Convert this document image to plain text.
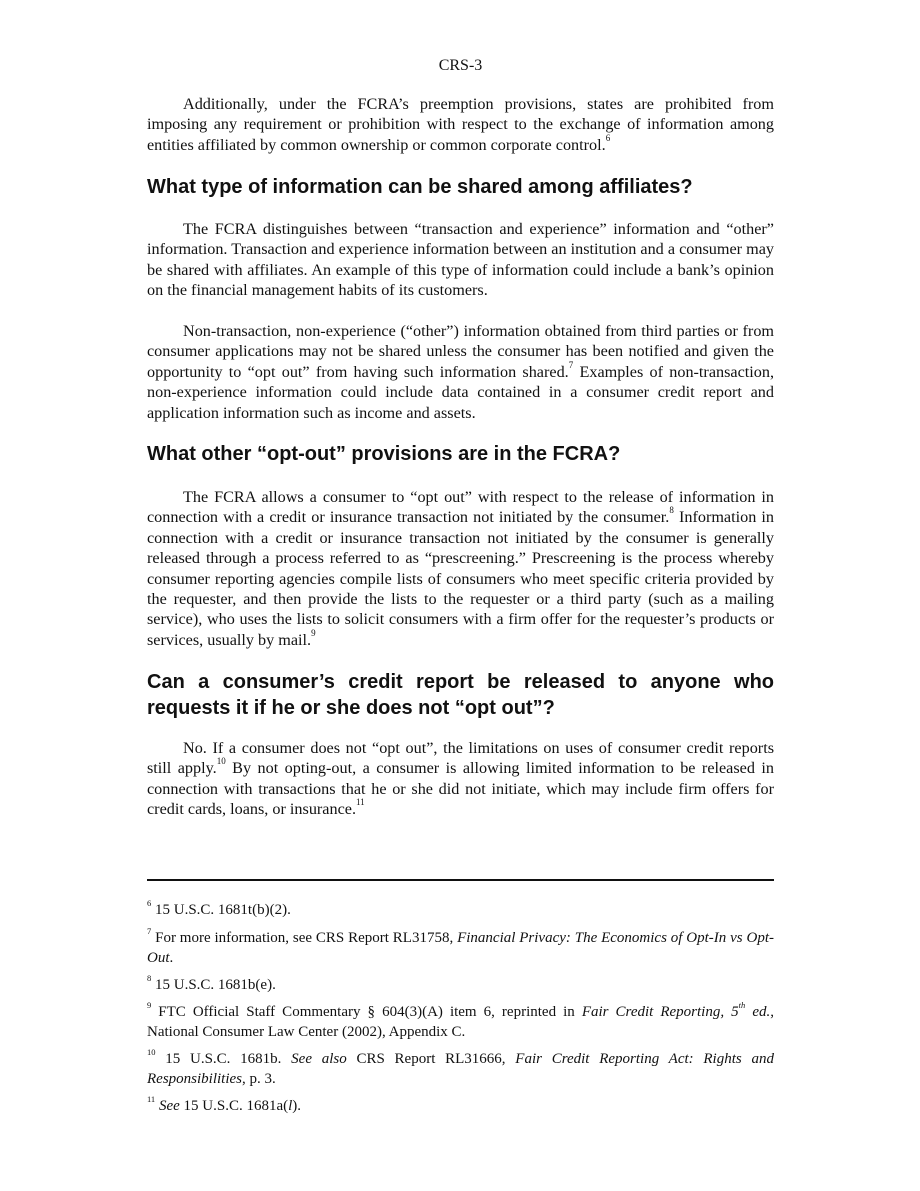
CRS-3

Additionally, under the FCRA’s preemption provisions, states are prohibited from imposing any requirement or prohibition with respect to the exchange of information among entities affiliated by common ownership or common corporate control.$^6$

What type of information can be shared among affiliates?

The FCRA distinguishes between “transaction and experience” information and “other” information. Transaction and experience information between an institution and a consumer may be shared with affiliates. An example of this type of information could include a bank’s opinion on the financial management habits of its customers.

Non-transaction, non-experience (“other”) information obtained from third parties or from consumer applications may not be shared unless the consumer has been notified and given the opportunity to “opt out” from having such information shared.$^7$ Examples of non-transaction, non-experience information could include data contained in a consumer credit report and application information such as income and assets.

What other “opt-out” provisions are in the FCRA?

The FCRA allows a consumer to “opt out” with respect to the release of information in connection with a credit or insurance transaction not initiated by the consumer.$^8$ Information in connection with a credit or insurance transaction not initiated by the consumer is generally released through a process referred to as “prescreening.” Prescreening is the process whereby consumer reporting agencies compile lists of consumers who meet specific criteria provided by the requester, and then provide the lists to the requester or a third party (such as a mailing service), who uses the lists to solicit consumers with a firm offer for the requester’s products or services, usually by mail.$^9$

Can a consumer’s credit report be released to anyone who requests it if he or she does not “opt out”?

No. If a consumer does not “opt out”, the limitations on uses of consumer credit reports still apply.$^{10}$ By not opting-out, a consumer is allowing limited information to be released in connection with transactions that he or she did not initiate, which may include firm offers for credit cards, loans, or insurance.$^{11}$

$^6$ 15 U.S.C. 1681t(b)(2).
$^7$ For more information, see CRS Report RL31758, Financial Privacy: The Economics of Opt-In vs Opt-Out.
$^8$ 15 U.S.C. 1681b(e).
$^9$ FTC Official Staff Commentary § 604(3)(A) item 6, reprinted in Fair Credit Reporting, 5th ed., National Consumer Law Center (2002), Appendix C.
$^{10}$ 15 U.S.C. 1681b. See also CRS Report RL31666, Fair Credit Reporting Act: Rights and Responsibilities, p. 3.
$^{11}$ See 15 U.S.C. 1681a(l).
